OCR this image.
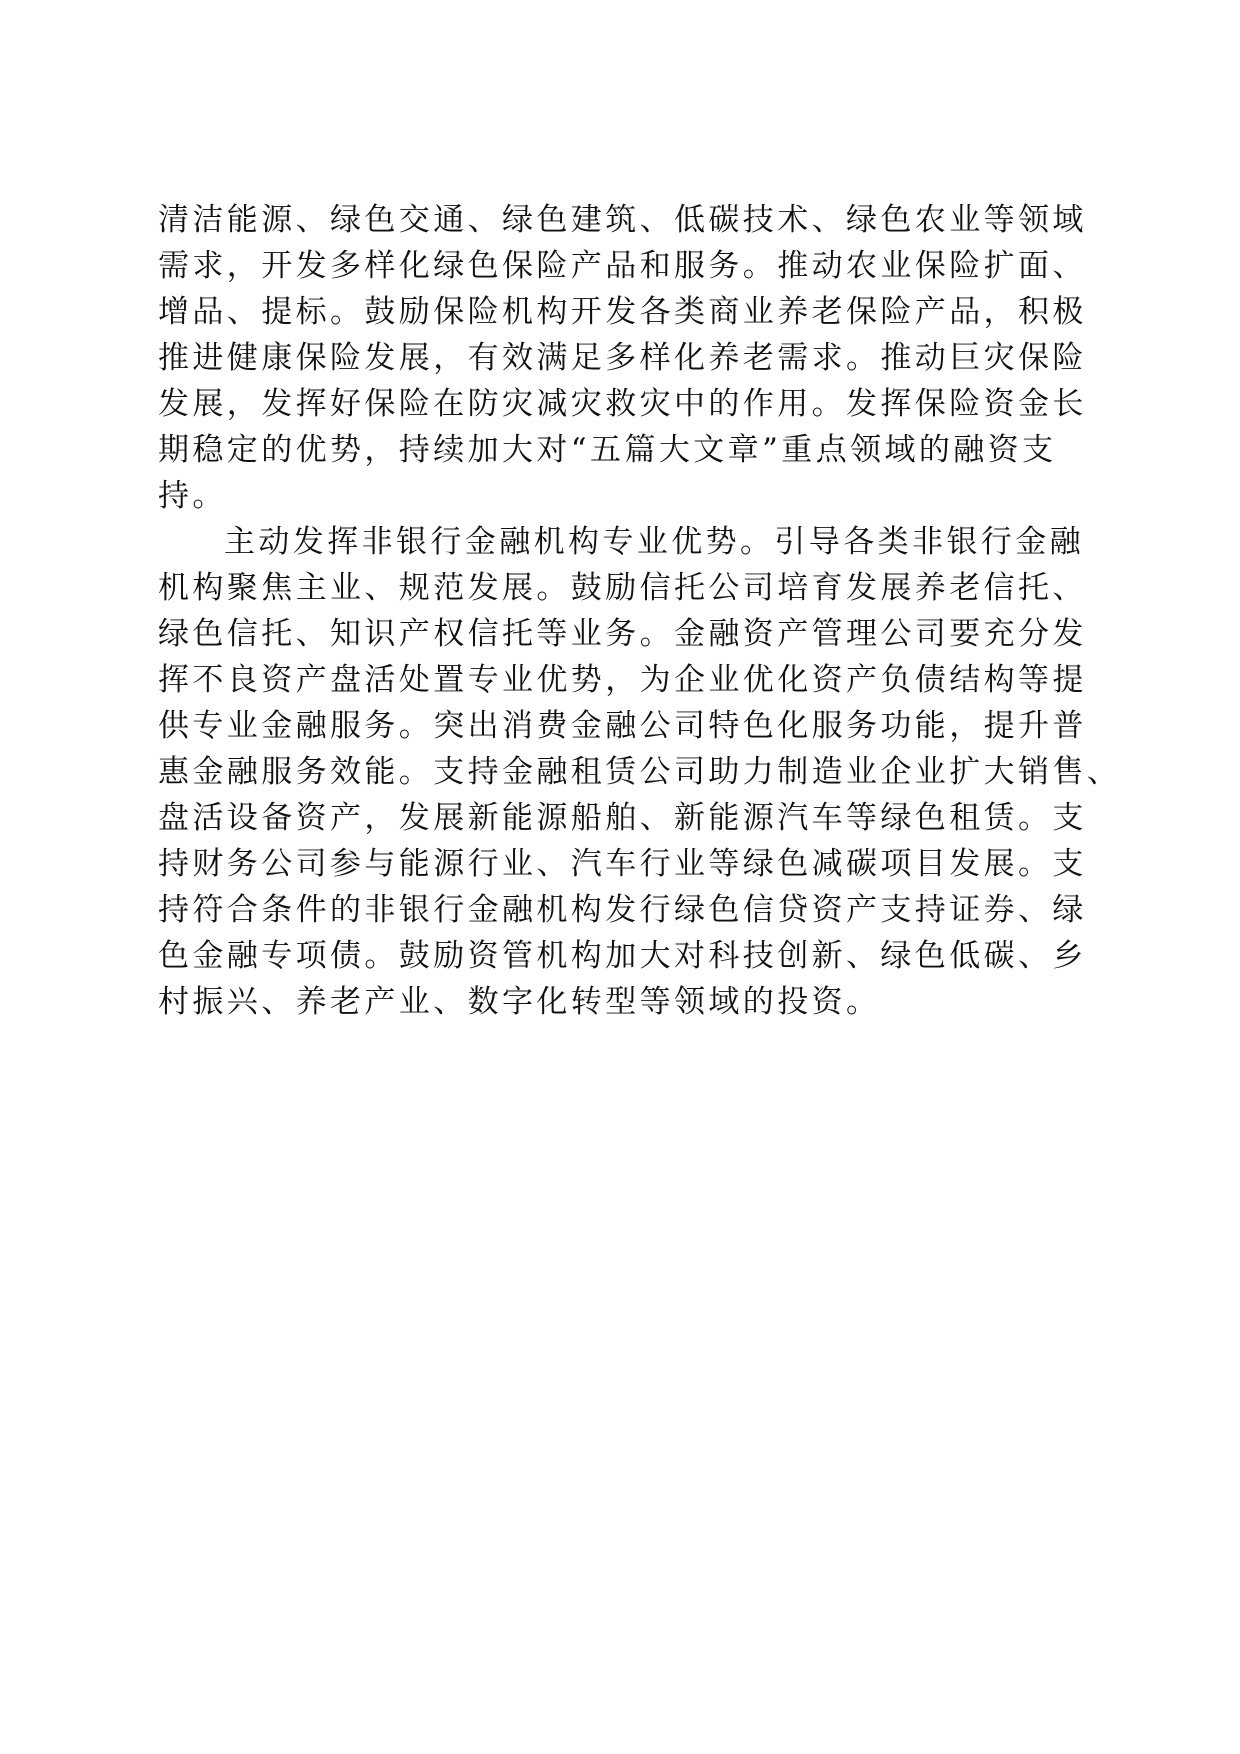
清洁能源、绿色交通、绿色建筑、低碳技术、绿色农业等领域
需求，开发多样化绿色保险产品和服务。推动农业保险扩面、
增品、提标。鼓励保险机构开发各类商业养老保险产品，积极
推进健康保险发展，有效满足多样化养老需求。推动巨灾保险
发展，发挥好保险在防灾减灾救灾中的作用。发挥保险资金长
期稳定的优势，持续加大对“五篇大文章”重点领域的融资支
持。
主动发挥非银行金融机构专业优势。引导各类非银行金融
机构聚焦主业、规范发展。鼓励信托公司培育发展养老信托、
绿色信托、知识产权信托等业务。金融资产管理公司要充分发
挥不良资产盘活处置专业优势，为企业优化资产负债结构等提
供专业金融服务。突出消费金融公司特色化服务功能，提升普
惠金融服务效能。支持金融租赁公司助力制造业企业扩大销售、
盘活设备资产，发展新能源船舶、新能源汽车等绿色租赁。支
持财务公司参与能源行业、汽车行业等绿色减碳项目发展。支
持符合条件的非银行金融机构发行绿色信贷资产支持证券、绿
色金融专项债。鼓励资管机构加大对科技创新、绿色低碳、乡
村振兴、养老产业、数字化转型等领域的投资。
